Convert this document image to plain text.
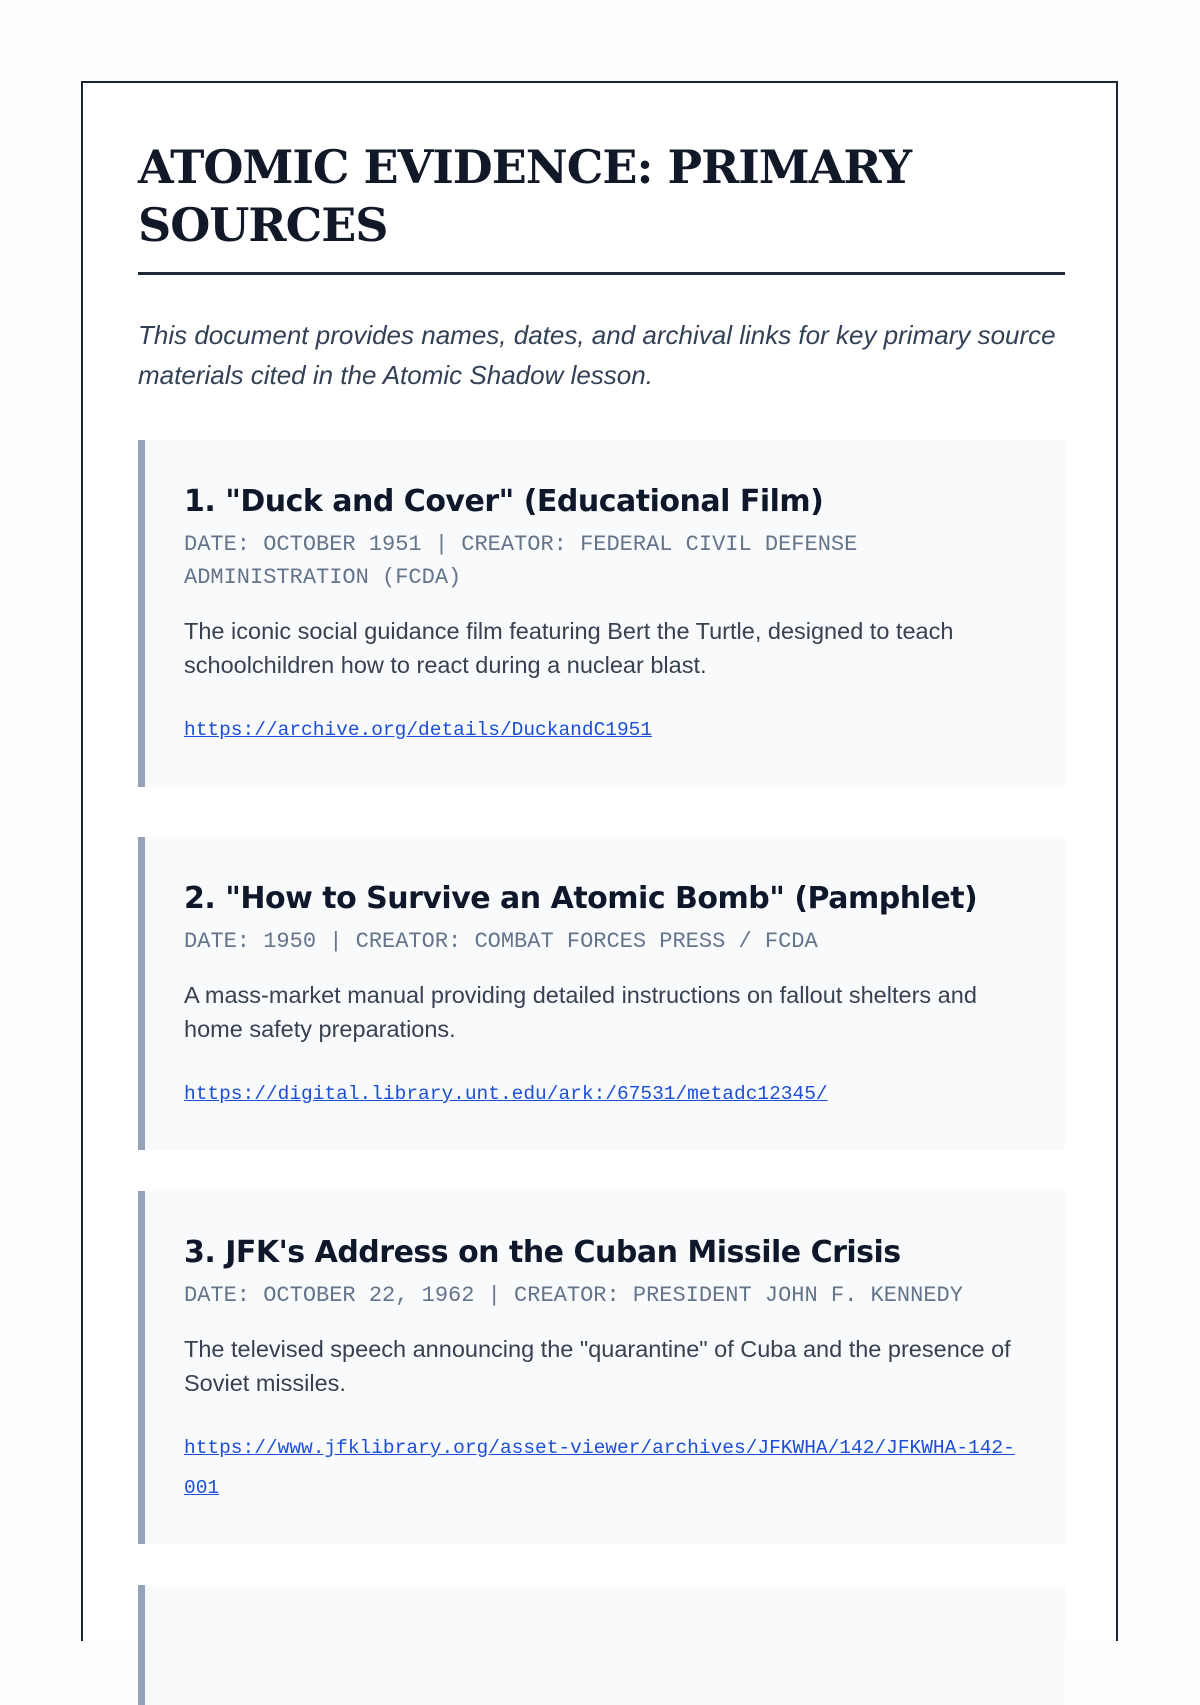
ATOMIC EVIDENCE: PRIMARY SOURCES

This document provides names, dates, and archival links for key primary source materials cited in the Atomic Shadow lesson.

1. "Duck and Cover" (Educational Film)

DATE: OCTOBER 1951 | CREATOR: FEDERAL CIVIL DEFENSE ADMINISTRATION (FCDA)

The iconic social guidance film featuring Bert the Turtle, designed to teach schoolchildren how to react during a nuclear blast.

https://archive.org/details/DuckandC1951
2. "How to Survive an Atomic Bomb" (Pamphlet)

DATE: 1950 | CREATOR: COMBAT FORCES PRESS / FCDA

A mass-market manual providing detailed instructions on fallout shelters and home safety preparations.

https://digital.library.unt.edu/ark:/67531/metadc12345/
3. JFK's Address on the Cuban Missile Crisis

DATE: OCTOBER 22, 1962 | CREATOR: PRESIDENT JOHN F. KENNEDY

The televised speech announcing the "quarantine" of Cuba and the presence of Soviet missiles.

https://www.jfklibrary.org/asset-viewer/archives/JFKWHA/142/JFKWHA-142-001
